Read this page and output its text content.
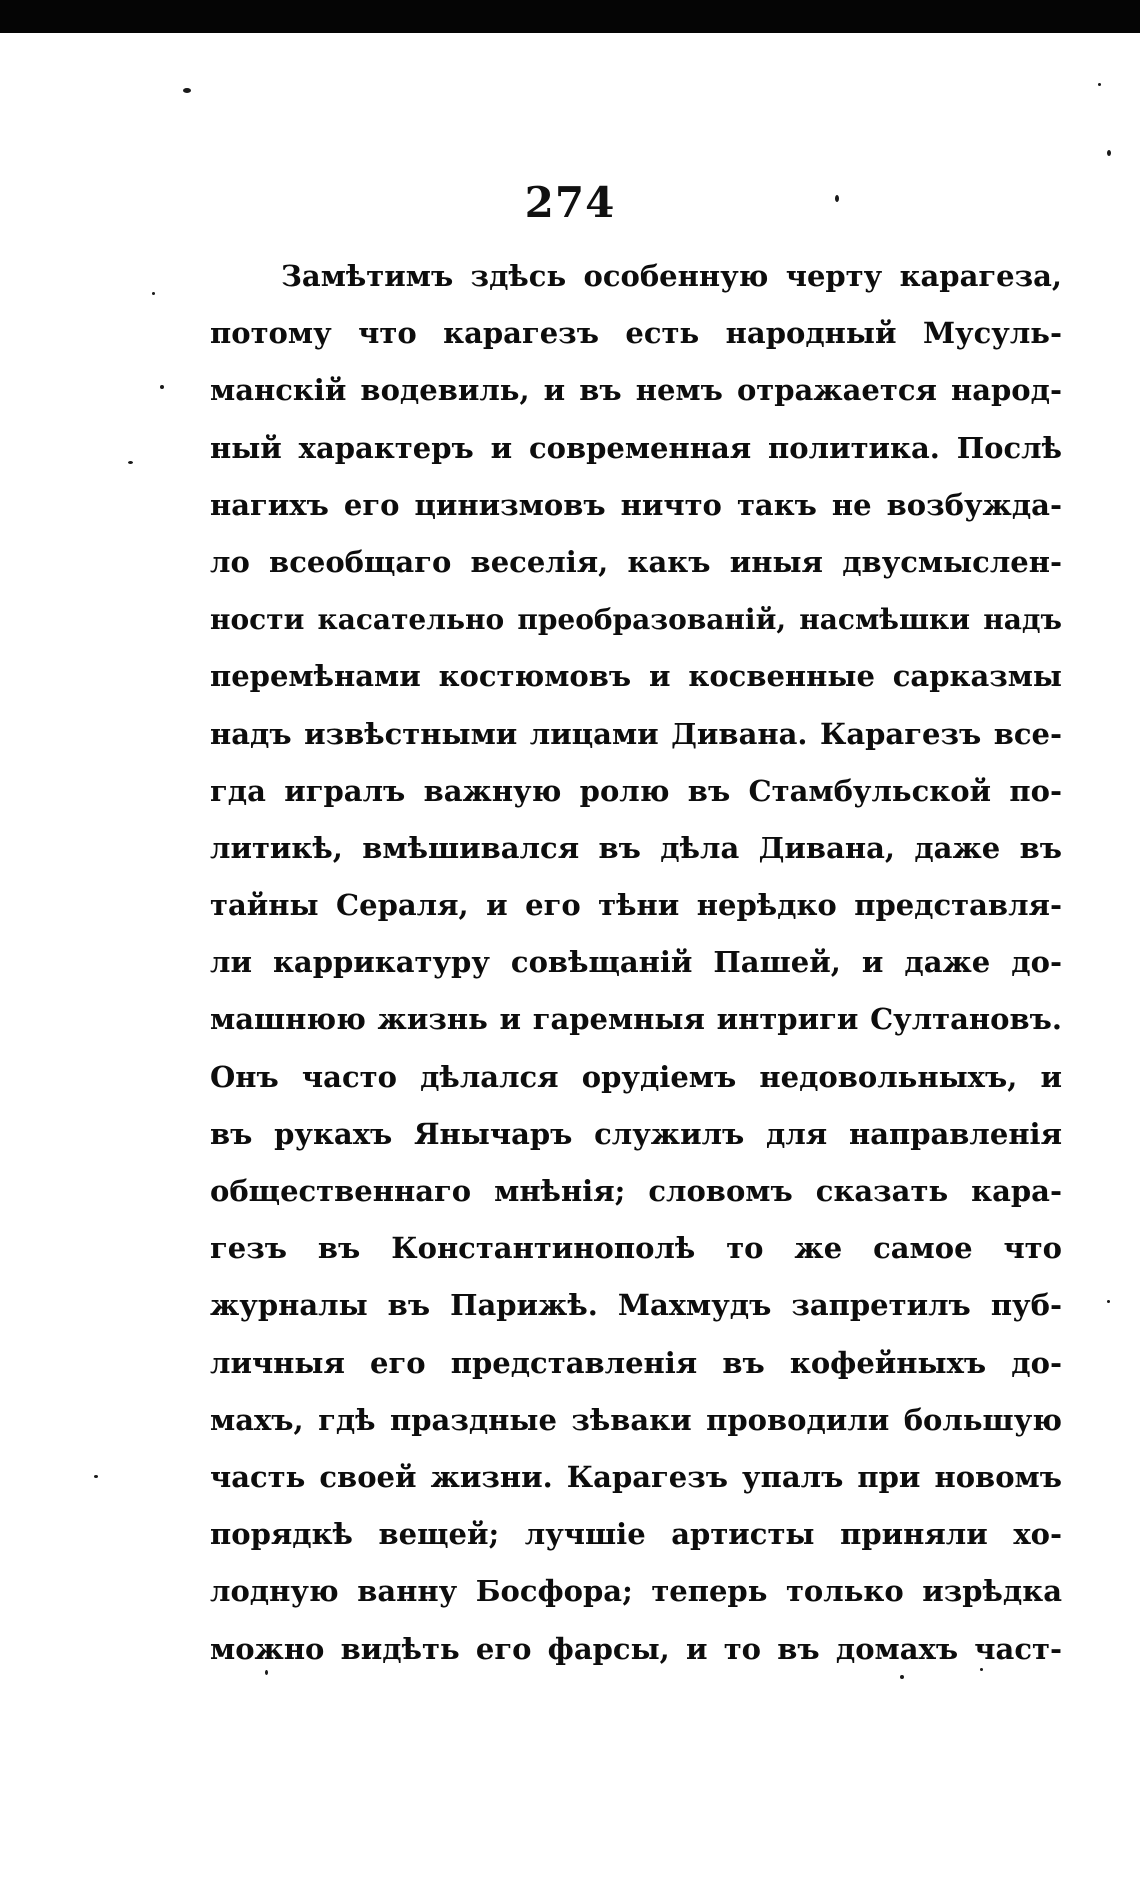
274
Замѣтимъ здѣсь особенную черту карагеза,
потому что карагезъ есть народный Мусуль-
манскій водевиль, и въ немъ отражается народ-
ный характеръ и современная политика. Послѣ
нагихъ его цинизмовъ ничто такъ не возбужда-
ло всеобщаго веселія, какъ иныя двусмыслен-
ности касательно преобразованій, насмѣшки надъ
перемѣнами костюмовъ и косвенные сарказмы
надъ извѣстными лицами Дивана. Карагезъ все-
гда игралъ важную ролю въ Стамбульской по-
литикѣ, вмѣшивался въ дѣла Дивана, даже въ
тайны Сераля, и его тѣни нерѣдко представля-
ли каррикатуру совѣщаній Пашей, и даже до-
машнюю жизнь и гаремныя интриги Султановъ.
Онъ часто дѣлался орудіемъ недовольныхъ, и
въ рукахъ Янычаръ служилъ для направленія
общественнаго мнѣнія; словомъ сказать кара-
гезъ въ Константинополѣ то же самое что
журналы въ Парижѣ. Махмудъ запретилъ пуб-
личныя его представленія въ кофейныхъ до-
махъ, гдѣ праздные зѣваки проводили большую
часть своей жизни. Карагезъ упалъ при новомъ
порядкѣ вещей; лучшіе артисты приняли хо-
лодную ванну Босфора; теперь только изрѣдка
можно видѣть его фарсы, и то въ домахъ част-
